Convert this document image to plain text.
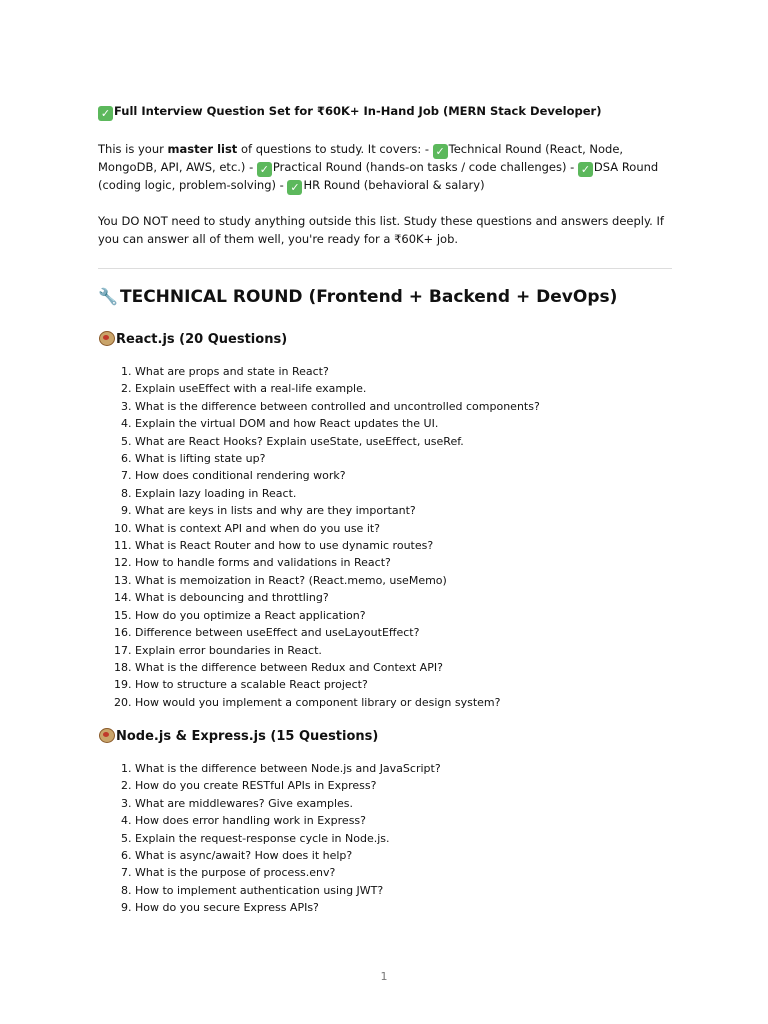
✓ Full Interview Question Set for ₹60K+ In-Hand Job (MERN Stack Developer)
This is your master list of questions to study. It covers: - ✓ Technical Round (React, Node, MongoDB, API, AWS, etc.) - ✓ Practical Round (hands-on tasks / code challenges) - ✓ DSA Round (coding logic, problem-solving) - ✓ HR Round (behavioral & salary)
You DO NOT need to study anything outside this list. Study these questions and answers deeply. If you can answer all of them well, you're ready for a ₹60K+ job.
🔧 TECHNICAL ROUND (Frontend + Backend + DevOps)
React.js (20 Questions)
1. What are props and state in React?
2. Explain useEffect with a real-life example.
3. What is the difference between controlled and uncontrolled components?
4. Explain the virtual DOM and how React updates the UI.
5. What are React Hooks? Explain useState, useEffect, useRef.
6. What is lifting state up?
7. How does conditional rendering work?
8. Explain lazy loading in React.
9. What are keys in lists and why are they important?
10. What is context API and when do you use it?
11. What is React Router and how to use dynamic routes?
12. How to handle forms and validations in React?
13. What is memoization in React? (React.memo, useMemo)
14. What is debouncing and throttling?
15. How do you optimize a React application?
16. Difference between useEffect and useLayoutEffect?
17. Explain error boundaries in React.
18. What is the difference between Redux and Context API?
19. How to structure a scalable React project?
20. How would you implement a component library or design system?
Node.js & Express.js (15 Questions)
1. What is the difference between Node.js and JavaScript?
2. How do you create RESTful APIs in Express?
3. What are middlewares? Give examples.
4. How does error handling work in Express?
5. Explain the request-response cycle in Node.js.
6. What is async/await? How does it help?
7. What is the purpose of process.env?
8. How to implement authentication using JWT?
9. How do you secure Express APIs?
1
